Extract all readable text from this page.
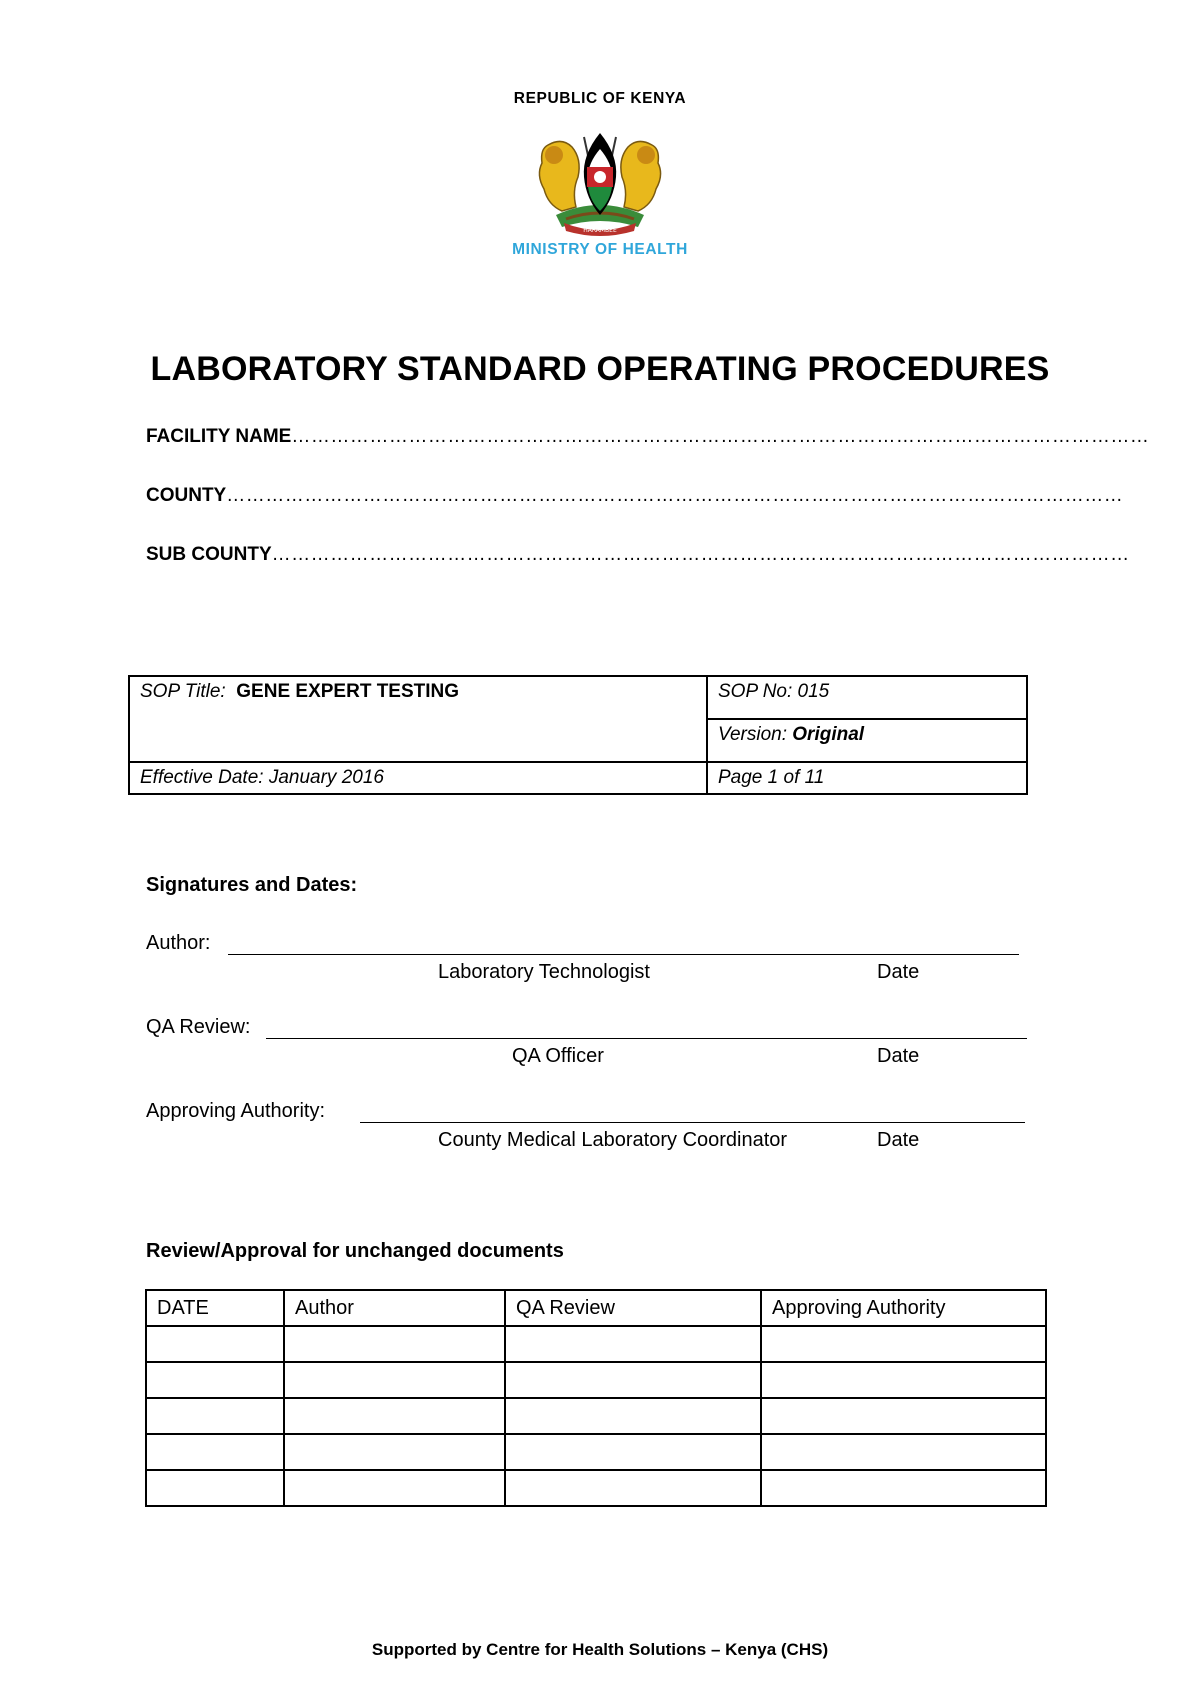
REPUBLIC OF KENYA
HARAMBEE
MINISTRY OF HEALTH
LABORATORY STANDARD OPERATING PROCEDURES
FACILITY NAME……………………………………………………………………………………………………………………
COUNTY…………………………………………………………………………………………………………………………
SUB COUNTY……………………………………………………………………………………………………………………
SOP Title: GENE EXPERT TESTING	SOP No: 015
	Version: Original
Effective Date: January 2016	Page 1 of 11
Signatures and Dates:
Author:
Laboratory Technologist	Date
QA Review:
QA Officer	Date
Approving Authority:
County Medical Laboratory Coordinator	Date
Review/Approval for unchanged documents
DATE	Author	QA Review	Approving Authority

Supported by Centre for Health Solutions – Kenya (CHS)
